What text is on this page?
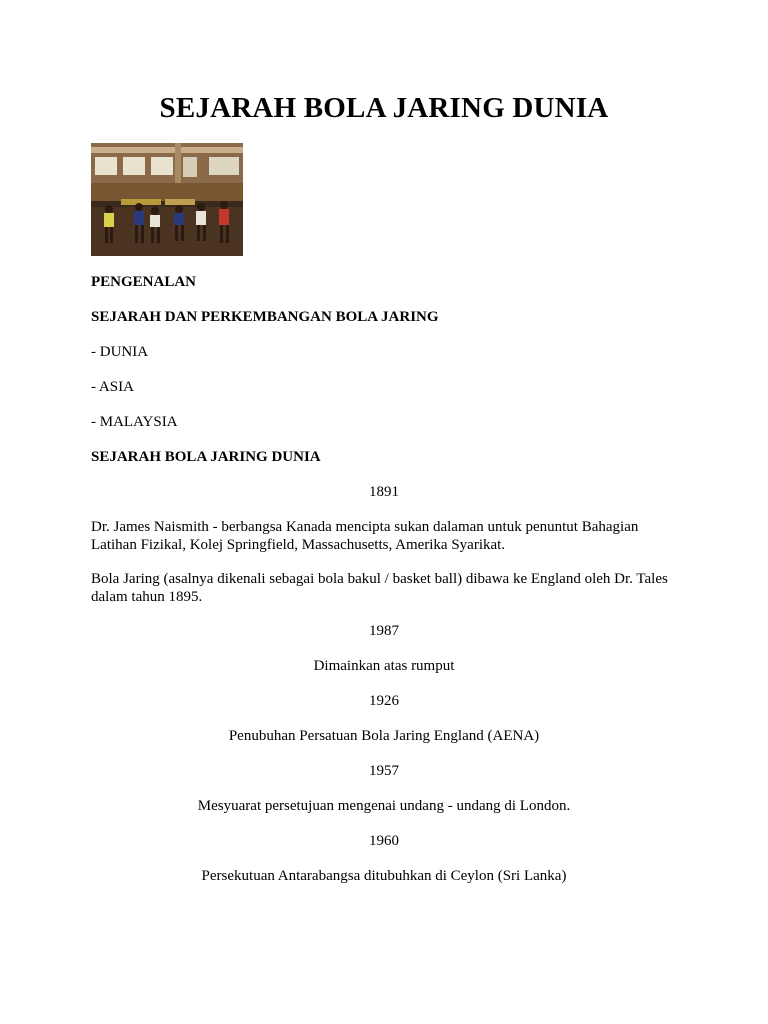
SEJARAH BOLA JARING DUNIA

PENGENALAN

SEJARAH DAN PERKEMBANGAN BOLA JARING

- DUNIA

- ASIA

- MALAYSIA

SEJARAH BOLA JARING DUNIA

1891

Dr. James Naismith - berbangsa Kanada mencipta sukan dalaman untuk penuntut Bahagian
Latihan Fizikal, Kolej Springfield, Massachusetts, Amerika Syarikat.
Bola Jaring (asalnya dikenali sebagai bola bakul / basket ball) dibawa ke England oleh Dr. Tales
dalam tahun 1895.

1987

Dimainkan atas rumput

1926

Penubuhan Persatuan Bola Jaring England (AENA)

1957

Mesyuarat persetujuan mengenai undang - undang di London.

1960

Persekutuan Antarabangsa ditubuhkan di Ceylon (Sri Lanka)
